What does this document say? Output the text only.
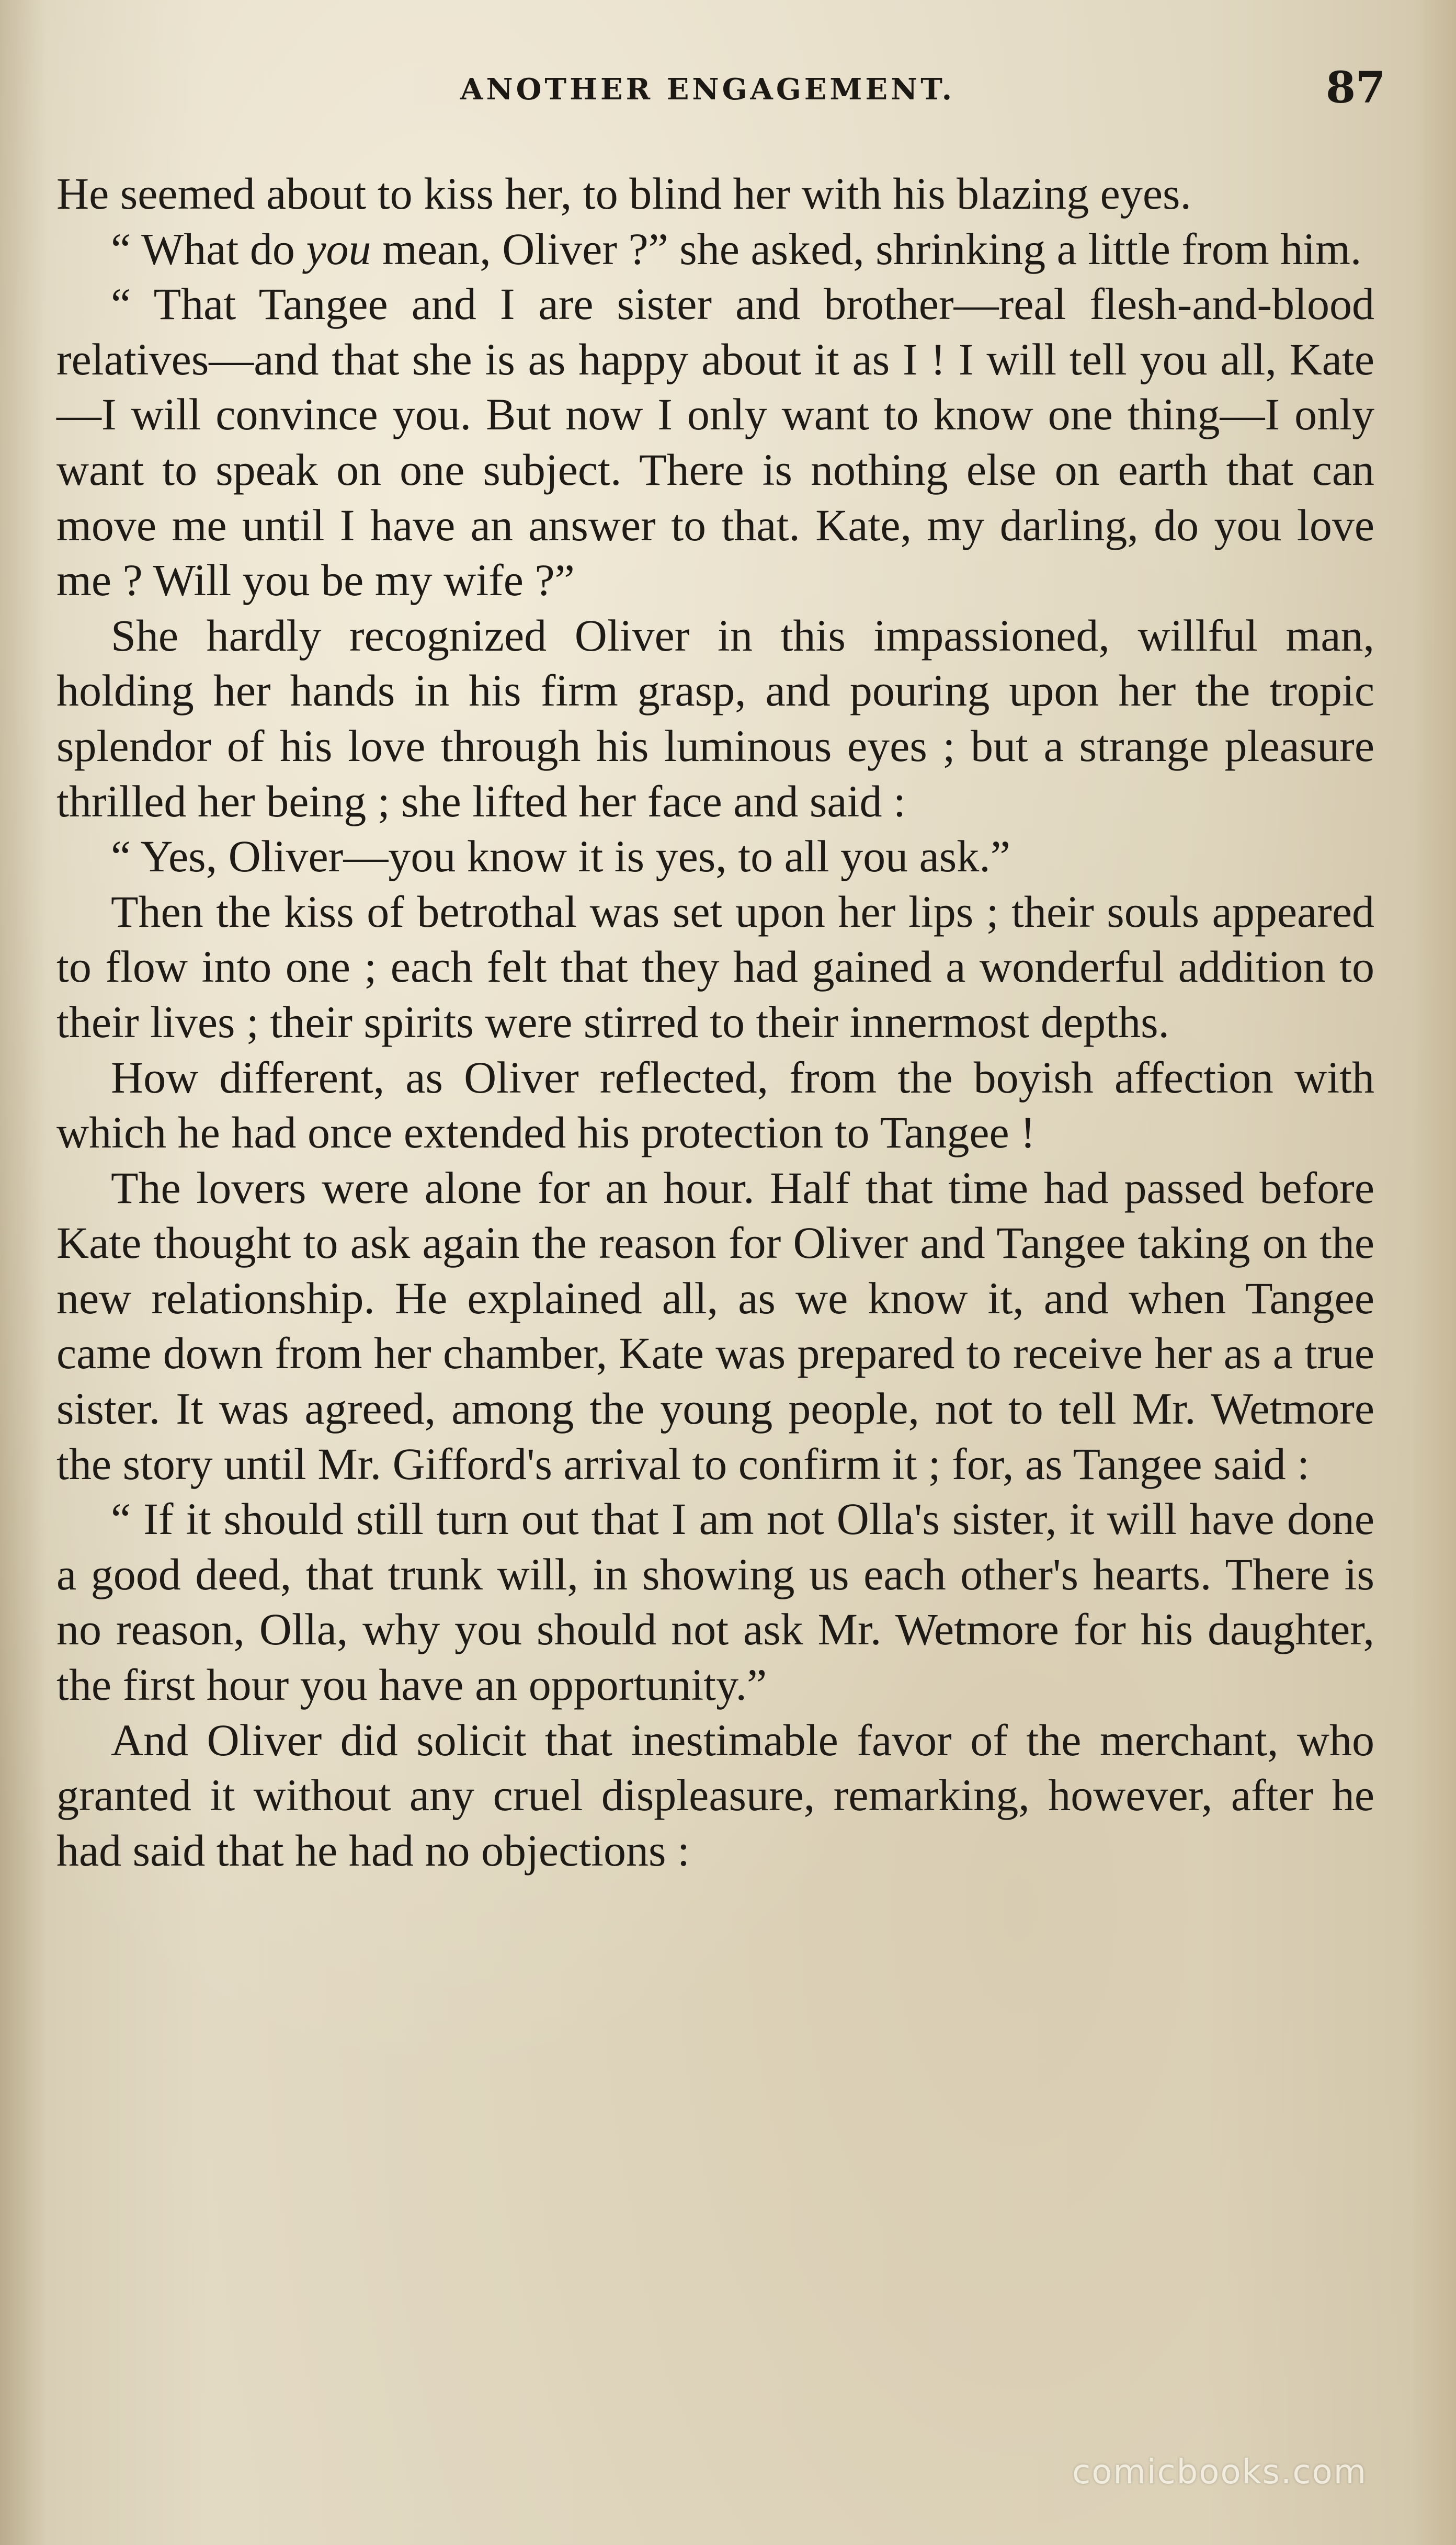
ANOTHER ENGAGEMENT.	87

He seemed about to kiss her, to blind her with his blazing eyes.

“ What do you mean, Oliver ?” she asked, shrinking a little from him.

“ That Tangee and I are sister and brother—real flesh-and-blood relatives—and that she is as happy about it as I ! I will tell you all, Kate—I will convince you. But now I only want to know one thing—I only want to speak on one subject. There is nothing else on earth that can move me until I have an answer to that. Kate, my darling, do you love me ? Will you be my wife ?”

She hardly recognized Oliver in this impassioned, willful man, holding her hands in his firm grasp, and pouring upon her the tropic splendor of his love through his luminous eyes ; but a strange pleasure thrilled her being ; she lifted her face and said :

“ Yes, Oliver—you know it is yes, to all you ask.”

Then the kiss of betrothal was set upon her lips ; their souls appeared to flow into one ; each felt that they had gained a wonderful addition to their lives ; their spirits were stirred to their innermost depths.

How different, as Oliver reflected, from the boyish affection with which he had once extended his protection to Tangee !

The lovers were alone for an hour. Half that time had passed before Kate thought to ask again the reason for Oliver and Tangee taking on the new relationship. He explained all, as we know it, and when Tangee came down from her chamber, Kate was prepared to receive her as a true sister. It was agreed, among the young people, not to tell Mr. Wetmore the story until Mr. Gifford's arrival to confirm it ; for, as Tangee said :

“ If it should still turn out that I am not Olla's sister, it will have done a good deed, that trunk will, in showing us each other's hearts. There is no reason, Olla, why you should not ask Mr. Wetmore for his daughter, the first hour you have an opportunity.”

And Oliver did solicit that inestimable favor of the merchant, who granted it without any cruel displeasure, remarking, however, after he had said that he had no objections :

comicbooks.com
